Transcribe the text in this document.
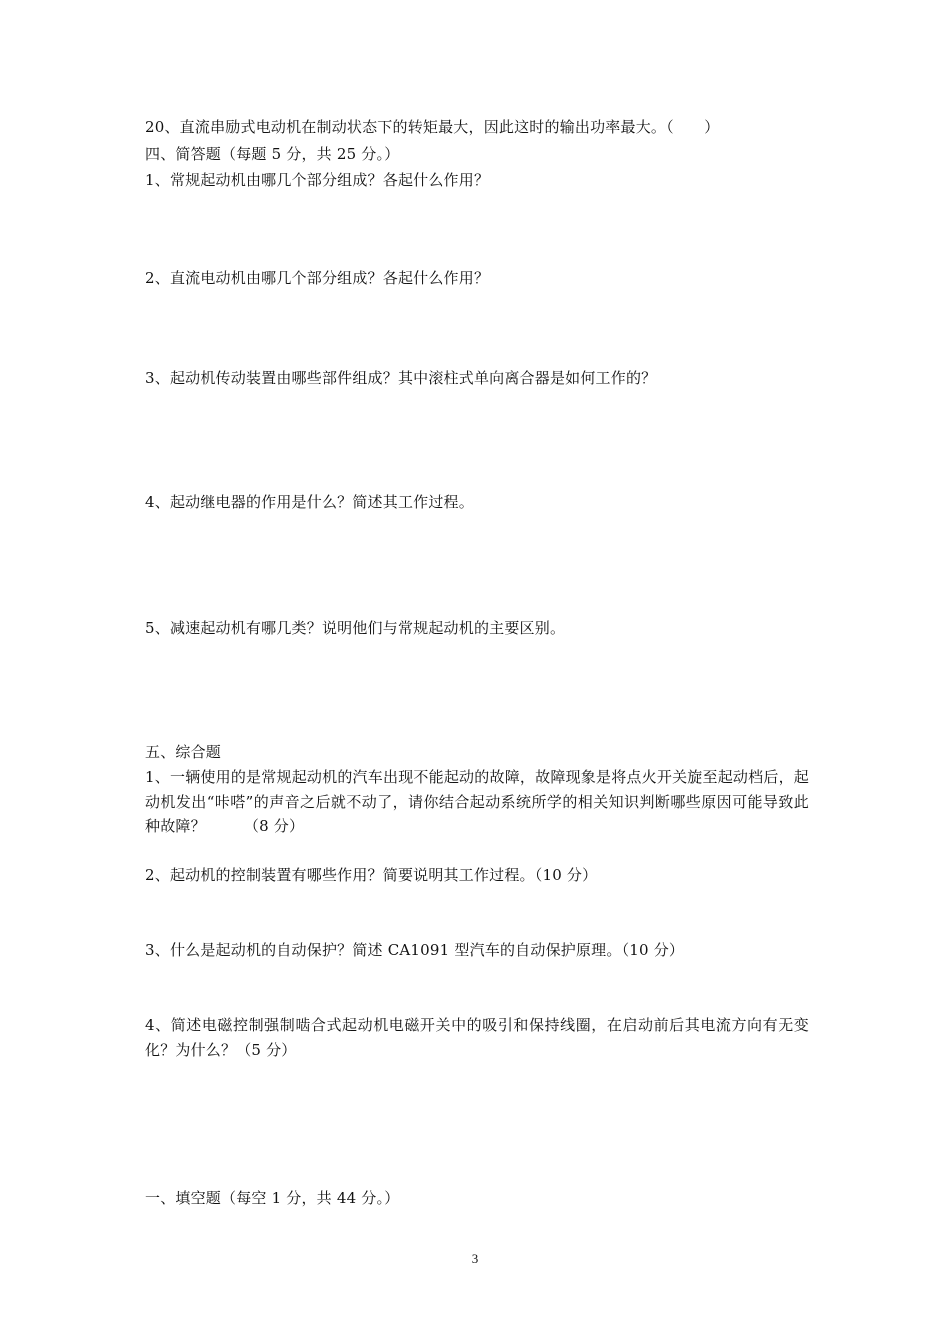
20、直流串励式电动机在制动状态下的转矩最大，因此这时的输出功率最大。（　　）
四、简答题（每题 5 分，共 25 分。）
1、常规起动机由哪几个部分组成？各起什么作用？
2、直流电动机由哪几个部分组成？各起什么作用？
3、起动机传动装置由哪些部件组成？其中滚柱式单向离合器是如何工作的？
4、起动继电器的作用是什么？简述其工作过程。
5、减速起动机有哪几类？说明他们与常规起动机的主要区别。
五、综合题
1、一辆使用的是常规起动机的汽车出现不能起动的故障，故障现象是将点火开关旋至起动档后，起动机发出“咔嗒”的声音之后就不动了，请你结合起动系统所学的相关知识判断哪些原因可能导致此种故障？　　　（8 分）
2、起动机的控制装置有哪些作用？简要说明其工作过程。（10 分）
3、什么是起动机的自动保护？简述 CA1091 型汽车的自动保护原理。（10 分）
4、简述电磁控制强制啮合式起动机电磁开关中的吸引和保持线圈，在启动前后其电流方向有无变化？为什么？（5 分）
一、填空题（每空 1 分，共 44 分。）
3
